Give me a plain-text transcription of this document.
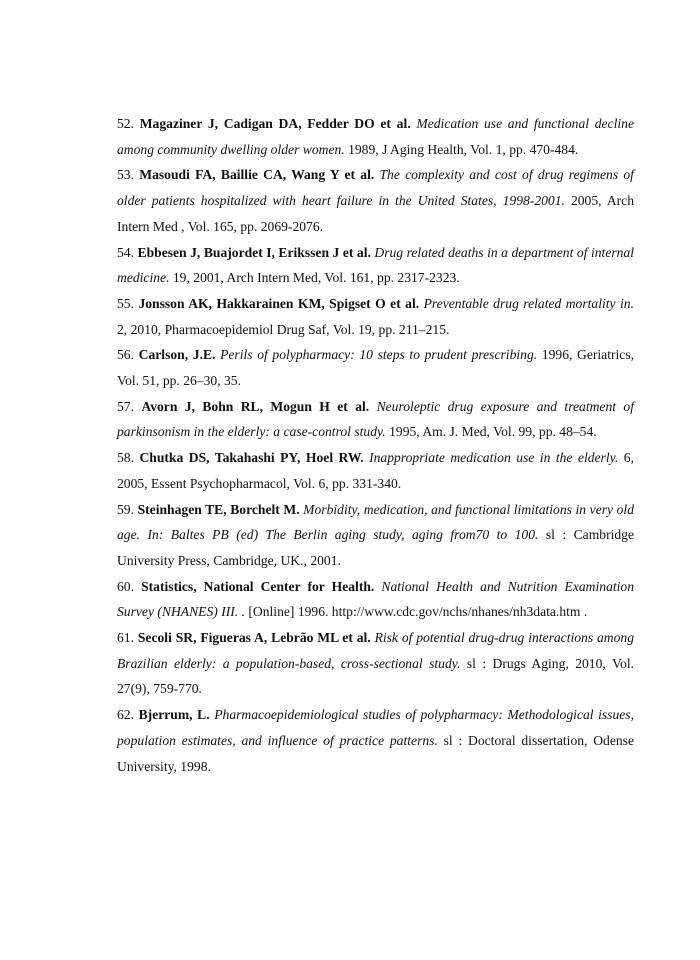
52. Magaziner J, Cadigan DA, Fedder DO et al. Medication use and functional decline among community dwelling older women. 1989, J Aging Health, Vol. 1, pp. 470-484.

53. Masoudi FA, Baillie CA, Wang Y et al. The complexity and cost of drug regimens of older patients hospitalized with heart failure in the United States, 1998-2001. 2005, Arch Intern Med , Vol. 165, pp. 2069-2076.

54. Ebbesen J, Buajordet I, Erikssen J et al. Drug related deaths in a department of internal medicine. 19, 2001, Arch Intern Med, Vol. 161, pp. 2317-2323.

55. Jonsson AK, Hakkarainen KM, Spigset O et al. Preventable drug related mortality in. 2, 2010, Pharmacoepidemiol Drug Saf, Vol. 19, pp. 211–215.

56. Carlson, J.E. Perils of polypharmacy: 10 steps to prudent prescribing. 1996, Geriatrics, Vol. 51, pp. 26–30, 35.

57. Avorn J, Bohn RL, Mogun H et al. Neuroleptic drug exposure and treatment of parkinsonism in the elderly: a case-control study. 1995, Am. J. Med, Vol. 99, pp. 48–54.

58. Chutka DS, Takahashi PY, Hoel RW. Inappropriate medication use in the elderly. 6, 2005, Essent Psychopharmacol, Vol. 6, pp. 331-340.

59. Steinhagen TE, Borchelt M. Morbidity, medication, and functional limitations in very old age. In: Baltes PB (ed) The Berlin aging study, aging from70 to 100. sl : Cambridge University Press, Cambridge, UK., 2001.

60. Statistics, National Center for Health. National Health and Nutrition Examination Survey (NHANES) III. . [Online] 1996. http://www.cdc.gov/nchs/nhanes/nh3data.htm .

61. Secoli SR, Figueras A, Lebrão ML et al. Risk of potential drug-drug interactions among Brazilian elderly: a population-based, cross-sectional study. sl : Drugs Aging, 2010, Vol. 27(9), 759-770.

62. Bjerrum, L. Pharmacoepidemiological studies of polypharmacy: Methodological issues, population estimates, and influence of practice patterns. sl : Doctoral dissertation, Odense University, 1998.
